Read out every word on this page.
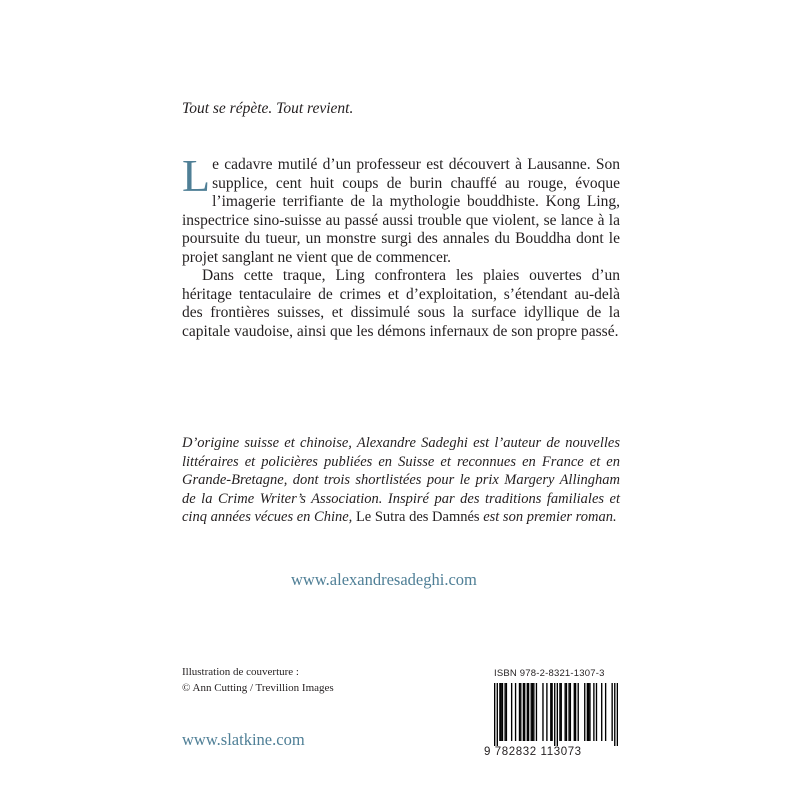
Tout se répète. Tout revient.

Le cadavre mutilé d’un professeur est découvert à Lausanne. Son supplice, cent huit coups de burin chauffé au rouge, évoque l’imagerie terrifiante de la mythologie bouddhiste. Kong Ling, inspectrice sino-suisse au passé aussi trouble que violent, se lance à la poursuite du tueur, un monstre surgi des annales du Bouddha dont le projet sanglant ne vient que de commencer.

Dans cette traque, Ling confrontera les plaies ouvertes d’un héritage tentaculaire de crimes et d’exploitation, s’étendant au-delà des frontières suisses, et dissimulé sous la surface idyllique de la capitale vaudoise, ainsi que les démons infernaux de son propre passé.

D’origine suisse et chinoise, Alexandre Sadeghi est l’auteur de nouvelles littéraires et policières publiées en Suisse et reconnues en France et en Grande-Bretagne, dont trois shortlistées pour le prix Margery Allingham de la Crime Writer’s Association. Inspiré par des traditions familiales et cinq années vécues en Chine, Le Sutra des Damnés est son premier roman.

www.alexandresadeghi.com

Illustration de couverture :
© Ann Cutting / Trevillion Images

www.slatkine.com

ISBN 978-2-8321-1307-3
9 782832 113073
